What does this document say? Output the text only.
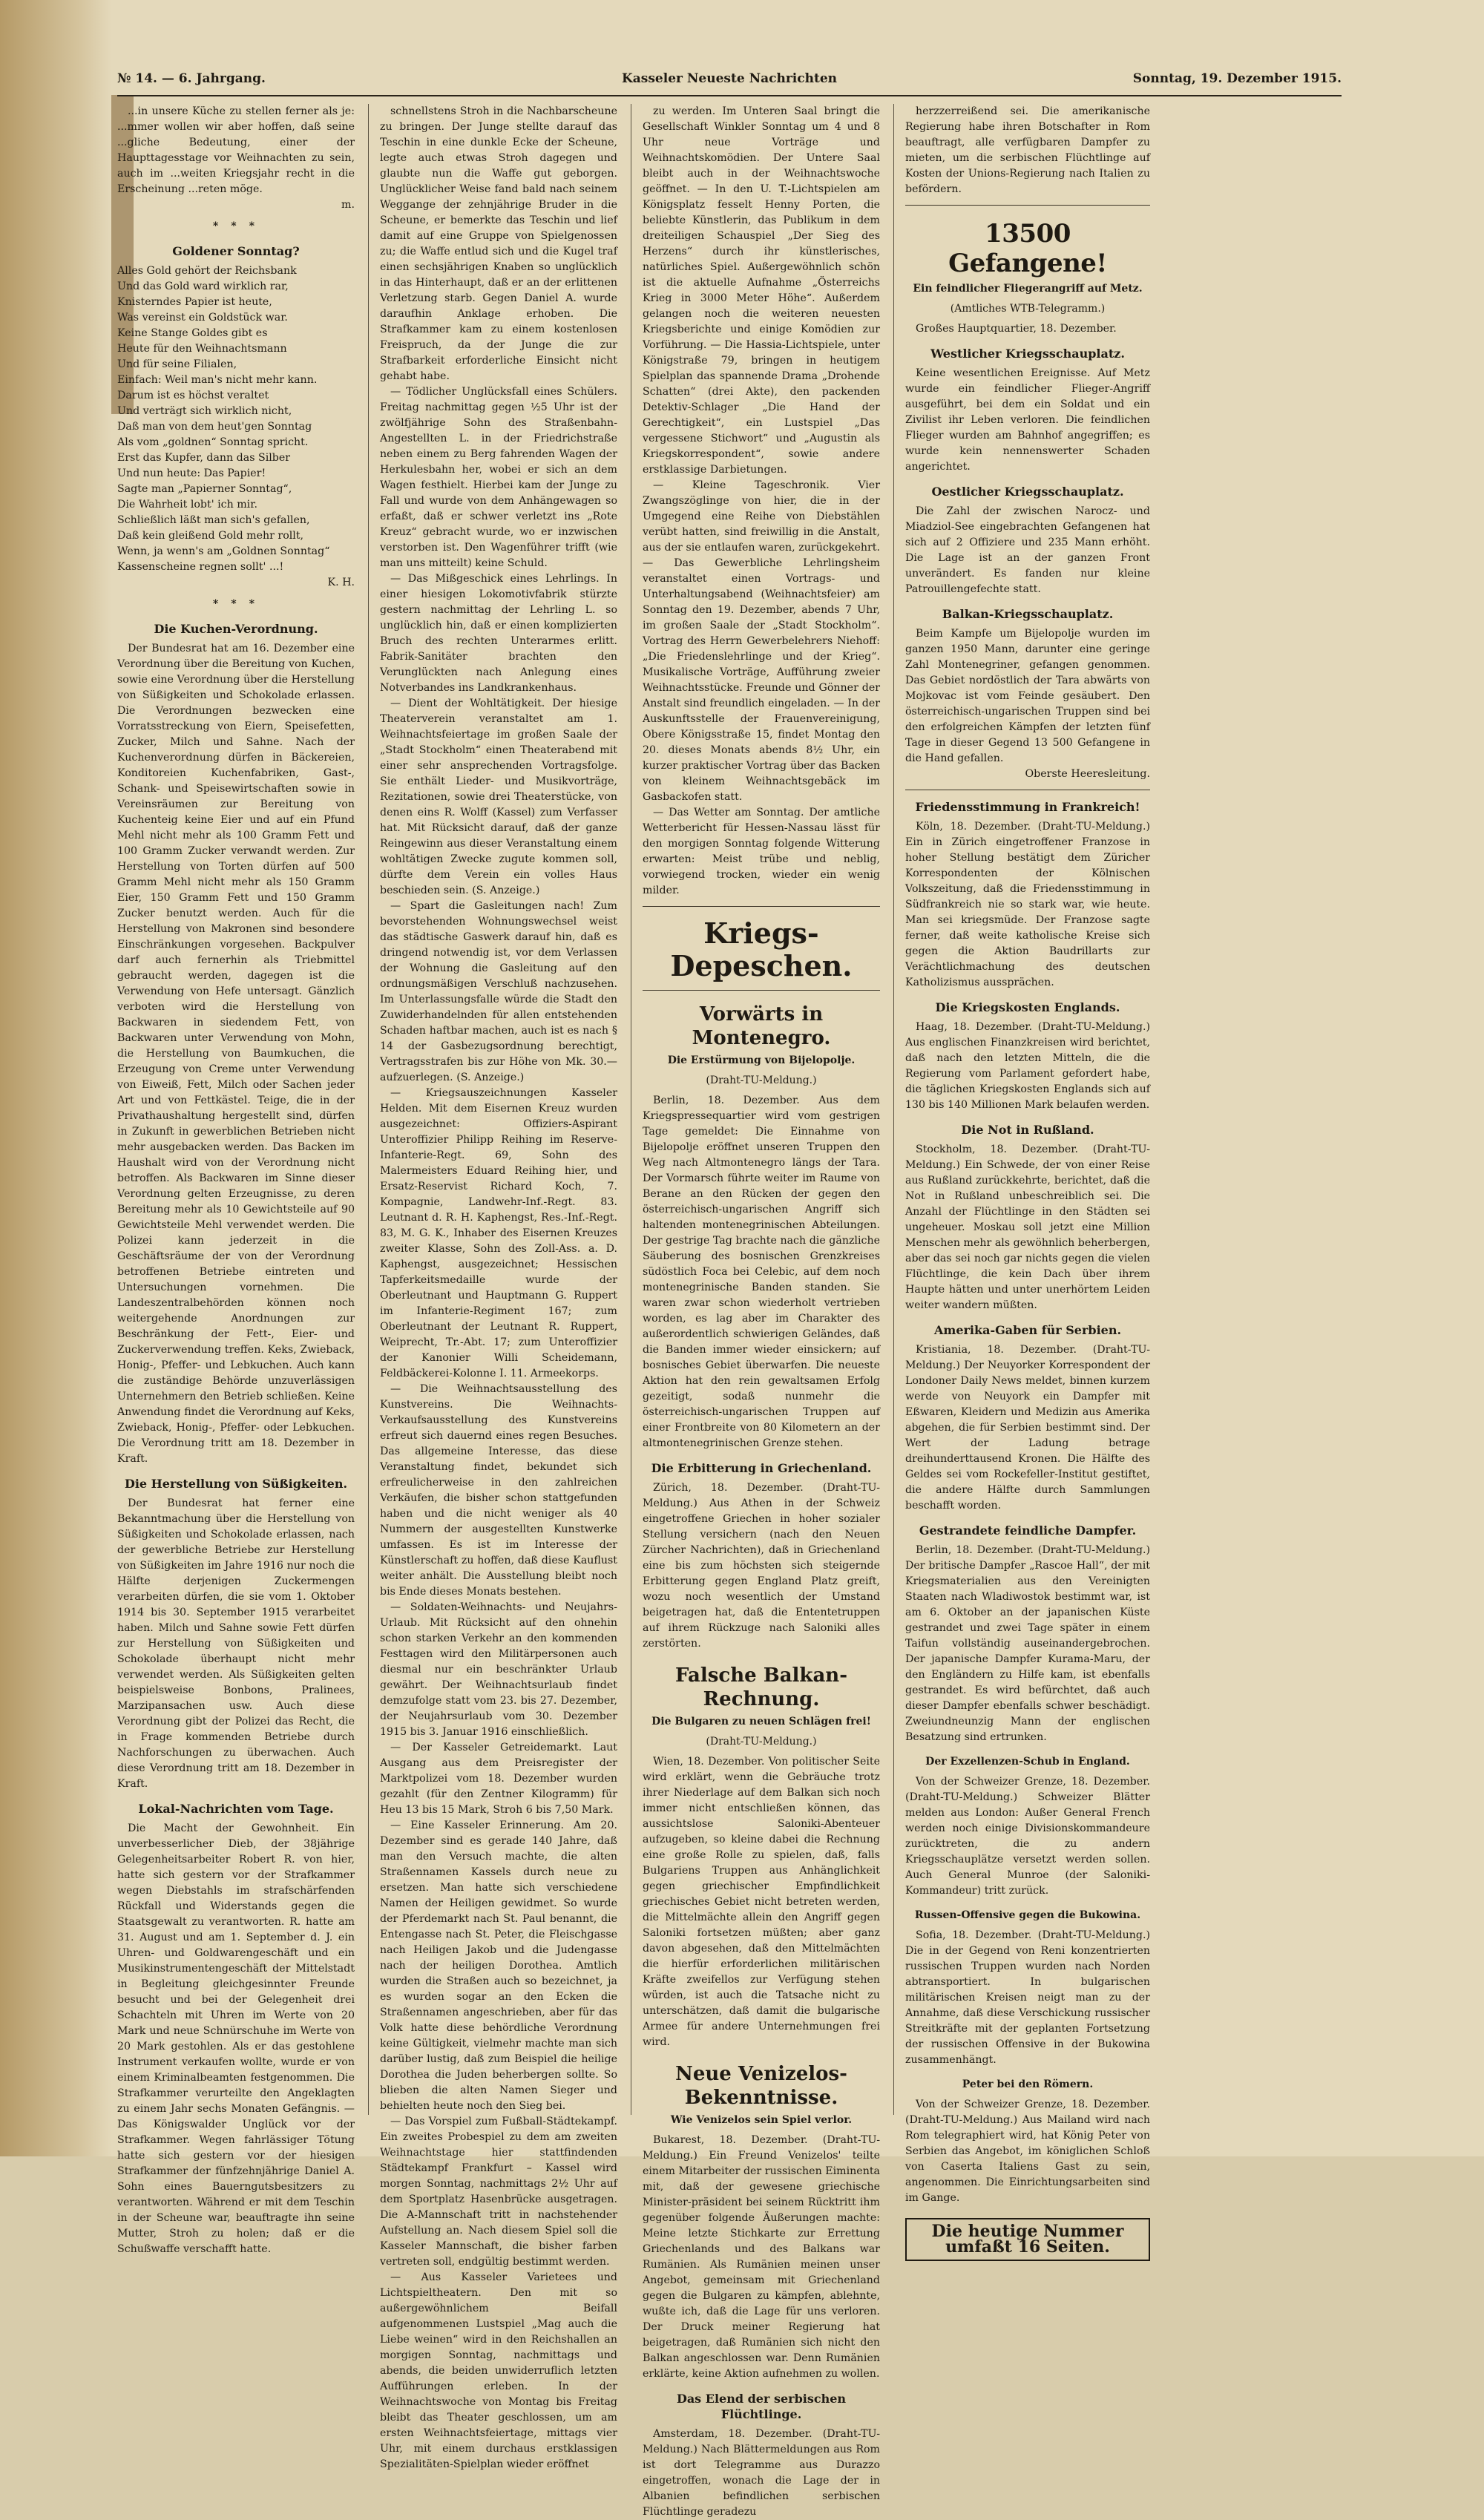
№ 14. — 6. Jahrgang.	Kasseler Neueste Nachrichten	Sonntag, 19. Dezember 1915.

...in unsere Küche zu stellen ferner als je: ...mmer wollen wir aber hoffen, daß seine ...gliche Bedeutung, einer der Haupttagesstage vor Weihnachten zu sein, auch im ...weiten Kriegsjahr recht in die Erscheinung ...reten möge.

m.

* * *
Goldener Sonntag?

Alles Gold gehört der Reichsbank
Und das Gold ward wirklich rar,
Knisterndes Papier ist heute,
Was vereinst ein Goldstück war.
Keine Stange Goldes gibt es
Heute für den Weihnachtsmann
Und für seine Filialen,
Einfach: Weil man's nicht mehr kann.
Darum ist es höchst veraltet
Und verträgt sich wirklich nicht,
Daß man von dem heut'gen Sonntag
Als vom „goldnen“ Sonntag spricht.
Erst das Kupfer, dann das Silber
Und nun heute: Das Papier!
Sagte man „Papierner Sonntag“,
Die Wahrheit lobt' ich mir.
Schließlich läßt man sich's gefallen,
Daß kein gleißend Gold mehr rollt,
Wenn, ja wenn's am „Goldnen Sonntag“
Kassenscheine regnen sollt' ...!

K. H.

* * *
Die Kuchen-Verordnung.

Der Bundesrat hat am 16. Dezember eine Verordnung über die Bereitung von Kuchen, sowie eine Verordnung über die Herstellung von Süßigkeiten und Schokolade erlassen. Die Verordnungen bezwecken eine Vorratsstreckung von Eiern, Speisefetten, Zucker, Milch und Sahne. Nach der Kuchenverordnung dürfen in Bäckereien, Konditoreien Kuchenfabriken, Gast-, Schank- und Speisewirtschaften sowie in Vereinsräumen zur Bereitung von Kuchenteig keine Eier und auf ein Pfund Mehl nicht mehr als 100 Gramm Fett und 100 Gramm Zucker verwandt werden. Zur Herstellung von Torten dürfen auf 500 Gramm Mehl nicht mehr als 150 Gramm Eier, 150 Gramm Fett und 150 Gramm Zucker benutzt werden. Auch für die Herstellung von Makronen sind besondere Einschränkungen vorgesehen. Backpulver darf auch fernerhin als Triebmittel gebraucht werden, dagegen ist die Verwendung von Hefe untersagt. Gänzlich verboten wird die Herstellung von Backwaren in siedendem Fett, von Backwaren unter Verwendung von Mohn, die Herstellung von Baumkuchen, die Erzeugung von Creme unter Verwendung von Eiweiß, Fett, Milch oder Sachen jeder Art und von Fettkästel. Teige, die in der Privathaushaltung hergestellt sind, dürfen in Zukunft in gewerblichen Betrieben nicht mehr ausgebacken werden. Das Backen im Haushalt wird von der Verordnung nicht betroffen. Als Backwaren im Sinne dieser Verordnung gelten Erzeugnisse, zu deren Bereitung mehr als 10 Gewichtsteile auf 90 Gewichtsteile Mehl verwendet werden. Die Polizei kann jederzeit in die Geschäftsräume der von der Verordnung betroffenen Betriebe eintreten und Untersuchungen vornehmen. Die Landeszentralbehörden können noch weitergehende Anordnungen zur Beschränkung der Fett-, Eier- und Zuckerverwendung treffen. Keks, Zwieback, Honig-, Pfeffer- und Lebkuchen. Auch kann die zuständige Behörde unzuverlässigen Unternehmern den Betrieb schließen. Keine Anwendung findet die Verordnung auf Keks, Zwieback, Honig-, Pfeffer- oder Lebkuchen. Die Verordnung tritt am 18. Dezember in Kraft.

Die Herstellung von Süßigkeiten.

Der Bundesrat hat ferner eine Bekanntmachung über die Herstellung von Süßigkeiten und Schokolade erlassen, nach der gewerbliche Betriebe zur Herstellung von Süßigkeiten im Jahre 1916 nur noch die Hälfte derjenigen Zuckermengen verarbeiten dürfen, die sie vom 1. Oktober 1914 bis 30. September 1915 verarbeitet haben. Milch und Sahne sowie Fett dürfen zur Herstellung von Süßigkeiten und Schokolade überhaupt nicht mehr verwendet werden. Als Süßigkeiten gelten beispielsweise Bonbons, Pralinees, Marzipansachen usw. Auch diese Verordnung gibt der Polizei das Recht, die in Frage kommenden Betriebe durch Nachforschungen zu überwachen. Auch diese Verordnung tritt am 18. Dezember in Kraft.

Lokal-Nachrichten vom Tage.

Die Macht der Gewohnheit. Ein unverbesserlicher Dieb, der 38jährige Gelegenheitsarbeiter Robert R. von hier, hatte sich gestern vor der Strafkammer wegen Diebstahls im strafschärfenden Rückfall und Widerstands gegen die Staatsgewalt zu verantworten. R. hatte am 31. August und am 1. September d. J. ein Uhren- und Goldwarengeschäft und ein Musikinstrumentengeschäft der Mittelstadt in Begleitung gleichgesinnter Freunde besucht und bei der Gelegenheit drei Schachteln mit Uhren im Werte von 20 Mark und neue Schnürschuhe im Werte von 20 Mark gestohlen. Als er das gestohlene Instrument verkaufen wollte, wurde er von einem Kriminalbeamten festgenommen. Die Strafkammer verurteilte den Angeklagten zu einem Jahr sechs Monaten Gefängnis. — Das Königswalder Unglück vor der Strafkammer. Wegen fahrlässiger Tötung hatte sich gestern vor der hiesigen Strafkammer der fünfzehnjährige Daniel A. Sohn eines Bauerngutsbesitzers zu verantworten. Während er mit dem Teschin in der Scheune war, beauftragte ihn seine Mutter, Stroh zu holen; daß er die Schußwaffe verschafft hatte.

schnellstens Stroh in die Nachbarscheune zu bringen. Der Junge stellte darauf das Teschin in eine dunkle Ecke der Scheune, legte auch etwas Stroh dagegen und glaubte nun die Waffe gut geborgen. Unglücklicher Weise fand bald nach seinem Weggange der zehnjährige Bruder in die Scheune, er bemerkte das Teschin und lief damit auf eine Gruppe von Spielgenossen zu; die Waffe entlud sich und die Kugel traf einen sechsjährigen Knaben so unglücklich in das Hinterhaupt, daß er an der erlittenen Verletzung starb. Gegen Daniel A. wurde daraufhin Anklage erhoben. Die Strafkammer kam zu einem kostenlosen Freispruch, da der Junge die zur Strafbarkeit erforderliche Einsicht nicht gehabt habe.

— Tödlicher Unglücksfall eines Schülers. Freitag nachmittag gegen ½5 Uhr ist der zwölfjährige Sohn des Straßenbahn-Angestellten L. in der Friedrichstraße neben einem zu Berg fahrenden Wagen der Herkulesbahn her, wobei er sich an dem Wagen festhielt. Hierbei kam der Junge zu Fall und wurde von dem Anhängewagen so erfaßt, daß er schwer verletzt ins „Rote Kreuz“ gebracht wurde, wo er inzwischen verstorben ist. Den Wagenführer trifft (wie man uns mitteilt) keine Schuld.

— Das Mißgeschick eines Lehrlings. In einer hiesigen Lokomotivfabrik stürzte gestern nachmittag der Lehrling L. so unglücklich hin, daß er einen komplizierten Bruch des rechten Unterarmes erlitt. Fabrik-Sanitäter brachten den Verunglückten nach Anlegung eines Notverbandes ins Landkrankenhaus.

— Dient der Wohltätigkeit. Der hiesige Theaterverein veranstaltet am 1. Weihnachtsfeiertage im großen Saale der „Stadt Stockholm“ einen Theaterabend mit einer sehr ansprechenden Vortragsfolge. Sie enthält Lieder- und Musikvorträge, Rezitationen, sowie drei Theaterstücke, von denen eins R. Wolff (Kassel) zum Verfasser hat. Mit Rücksicht darauf, daß der ganze Reingewinn aus dieser Veranstaltung einem wohltätigen Zwecke zugute kommen soll, dürfte dem Verein ein volles Haus beschieden sein. (S. Anzeige.)

— Spart die Gasleitungen nach! Zum bevorstehenden Wohnungswechsel weist das städtische Gaswerk darauf hin, daß es dringend notwendig ist, vor dem Verlassen der Wohnung die Gasleitung auf den ordnungsmäßigen Verschluß nachzusehen. Im Unterlassungsfalle würde die Stadt den Zuwiderhandelnden für allen entstehenden Schaden haftbar machen, auch ist es nach § 14 der Gasbezugsordnung berechtigt, Vertragsstrafen bis zur Höhe von Mk. 30.— aufzuerlegen. (S. Anzeige.)

— Kriegsauszeichnungen Kasseler Helden. Mit dem Eisernen Kreuz wurden ausgezeichnet: Offiziers-Aspirant Unteroffizier Philipp Reihing im Reserve-Infanterie-Regt. 69, Sohn des Malermeisters Eduard Reihing hier, und Ersatz-Reservist Richard Koch, 7. Kompagnie, Landwehr-Inf.-Regt. 83. Leutnant d. R. H. Kaphengst, Res.-Inf.-Regt. 83, M. G. K., Inhaber des Eisernen Kreuzes zweiter Klasse, Sohn des Zoll-Ass. a. D. Kaphengst, ausgezeichnet; Hessischen Tapferkeitsmedaille wurde der Oberleutnant und Hauptmann G. Ruppert im Infanterie-Regiment 167; zum Oberleutnant der Leutnant R. Ruppert, Weiprecht, Tr.-Abt. 17; zum Unteroffizier der Kanonier Willi Scheidemann, Feldbäckerei-Kolonne I. 11. Armeekorps.

— Die Weihnachtsausstellung des Kunstvereins. Die Weihnachts-Verkaufsausstellung des Kunstvereins erfreut sich dauernd eines regen Besuches. Das allgemeine Interesse, das diese Veranstaltung findet, bekundet sich erfreulicherweise in den zahlreichen Verkäufen, die bisher schon stattgefunden haben und die nicht weniger als 40 Nummern der ausgestellten Kunstwerke umfassen. Es ist im Interesse der Künstlerschaft zu hoffen, daß diese Kauflust weiter anhält. Die Ausstellung bleibt noch bis Ende dieses Monats bestehen.

— Soldaten-Weihnachts- und Neujahrs-Urlaub. Mit Rücksicht auf den ohnehin schon starken Verkehr an den kommenden Festtagen wird den Militärpersonen auch diesmal nur ein beschränkter Urlaub gewährt. Der Weihnachtsurlaub findet demzufolge statt vom 23. bis 27. Dezember, der Neujahrsurlaub vom 30. Dezember 1915 bis 3. Januar 1916 einschließlich.

— Der Kasseler Getreidemarkt. Laut Ausgang aus dem Preisregister der Marktpolizei vom 18. Dezember wurden gezahlt (für den Zentner Kilogramm) für Heu 13 bis 15 Mark, Stroh 6 bis 7,50 Mark.

— Eine Kasseler Erinnerung. Am 20. Dezember sind es gerade 140 Jahre, daß man den Versuch machte, die alten Straßennamen Kassels durch neue zu ersetzen. Man hatte sich verschiedene Namen der Heiligen gewidmet. So wurde der Pferdemarkt nach St. Paul benannt, die Entengasse nach St. Peter, die Fleischgasse nach Heiligen Jakob und die Judengasse nach der heiligen Dorothea. Amtlich wurden die Straßen auch so bezeichnet, ja es wurden sogar an den Ecken die Straßennamen angeschrieben, aber für das Volk hatte diese behördliche Verordnung keine Gültigkeit, vielmehr machte man sich darüber lustig, daß zum Beispiel die heilige Dorothea die Juden beherbergen sollte. So blieben die alten Namen Sieger und behielten heute noch den Sieg bei.

— Das Vorspiel zum Fußball-Städtekampf. Ein zweites Probespiel zu dem am zweiten Weihnachtstage hier stattfindenden Städtekampf Frankfurt – Kassel wird morgen Sonntag, nachmittags 2½ Uhr auf dem Sportplatz Hasenbrücke ausgetragen. Die A-Mannschaft tritt in nachstehender Aufstellung an. Nach diesem Spiel soll die Kasseler Mannschaft, die bisher farben vertreten soll, endgültig bestimmt werden.

— Aus Kasseler Varietees und Lichtspieltheatern. Den mit so außergewöhnlichem Beifall aufgenommenen Lustspiel „Mag auch die Liebe weinen“ wird in den Reichshallen an morgigen Sonntag, nachmittags und abends, die beiden unwiderruflich letzten Aufführungen erleben. In der Weihnachtswoche von Montag bis Freitag bleibt das Theater geschlossen, um am ersten Weihnachtsfeiertage, mittags vier Uhr, mit einem durchaus erstklassigen Spezialitäten-Spielplan wieder eröffnet

zu werden. Im Unteren Saal bringt die Gesellschaft Winkler Sonntag um 4 und 8 Uhr neue Vorträge und Weihnachtskomödien. Der Untere Saal bleibt auch in der Weihnachtswoche geöffnet. — In den U. T.-Lichtspielen am Königsplatz fesselt Henny Porten, die beliebte Künstlerin, das Publikum in dem dreiteiligen Schauspiel „Der Sieg des Herzens“ durch ihr künstlerisches, natürliches Spiel. Außergewöhnlich schön ist die aktuelle Aufnahme „Österreichs Krieg in 3000 Meter Höhe“. Außerdem gelangen noch die weiteren neuesten Kriegsberichte und einige Komödien zur Vorführung. — Die Hassia-Lichtspiele, unter Königstraße 79, bringen in heutigem Spielplan das spannende Drama „Drohende Schatten“ (drei Akte), den packenden Detektiv-Schlager „Die Hand der Gerechtigkeit“, ein Lustspiel „Das vergessene Stichwort“ und „Augustin als Kriegskorrespondent“, sowie andere erstklassige Darbietungen.

— Kleine Tageschronik. Vier Zwangszöglinge von hier, die in der Umgegend eine Reihe von Diebstählen verübt hatten, sind freiwillig in die Anstalt, aus der sie entlaufen waren, zurückgekehrt. — Das Gewerbliche Lehrlingsheim veranstaltet einen Vortrags- und Unterhaltungsabend (Weihnachtsfeier) am Sonntag den 19. Dezember, abends 7 Uhr, im großen Saale der „Stadt Stockholm“. Vortrag des Herrn Gewerbelehrers Niehoff: „Die Friedenslehrlinge und der Krieg“. Musikalische Vorträge, Aufführung zweier Weihnachtsstücke. Freunde und Gönner der Anstalt sind freundlich eingeladen. — In der Auskunftsstelle der Frauenvereinigung, Obere Königsstraße 15, findet Montag den 20. dieses Monats abends 8½ Uhr, ein kurzer praktischer Vortrag über das Backen von kleinem Weihnachtsgebäck im Gasbackofen statt.

— Das Wetter am Sonntag. Der amtliche Wetterbericht für Hessen-Nassau lässt für den morgigen Sonntag folgende Witterung erwarten: Meist trübe und neblig, vorwiegend trocken, wieder ein wenig milder.

Kriegs-Depeschen.
Vorwärts in Montenegro.
Die Erstürmung von Bijelopolje.
(Draht-TU-Meldung.)

Berlin, 18. Dezember. Aus dem Kriegspressequartier wird vom gestrigen Tage gemeldet: Die Einnahme von Bijelopolje eröffnet unseren Truppen den Weg nach Altmontenegro längs der Tara. Der Vormarsch führte weiter im Raume von Berane an den Rücken der gegen den österreichisch-ungarischen Angriff sich haltenden montenegrinischen Abteilungen. Der gestrige Tag brachte nach die gänzliche Säuberung des bosnischen Grenzkreises südöstlich Foca bei Celebic, auf dem noch montenegrinische Banden standen. Sie waren zwar schon wiederholt vertrieben worden, es lag aber im Charakter des außerordentlich schwierigen Geländes, daß die Banden immer wieder einsickern; auf bosnisches Gebiet überwarfen. Die neueste Aktion hat den rein gewaltsamen Erfolg gezeitigt, sodaß nunmehr die österreichisch-ungarischen Truppen auf einer Frontbreite von 80 Kilometern an der altmontenegrinischen Grenze stehen.

Die Erbitterung in Griechenland.

Zürich, 18. Dezember. (Draht-TU-Meldung.) Aus Athen in der Schweiz eingetroffene Griechen in hoher sozialer Stellung versichern (nach den Neuen Zürcher Nachrichten), daß in Griechenland eine bis zum höchsten sich steigernde Erbitterung gegen England Platz greift, wozu noch wesentlich der Umstand beigetragen hat, daß die Ententetruppen auf ihrem Rückzuge nach Saloniki alles zerstörten.

Falsche Balkan-Rechnung.
Die Bulgaren zu neuen Schlägen frei!
(Draht-TU-Meldung.)

Wien, 18. Dezember. Von politischer Seite wird erklärt, wenn die Gebräuche trotz ihrer Niederlage auf dem Balkan sich noch immer nicht entschließen können, das aussichtslose Saloniki-Abenteuer aufzugeben, so kleine dabei die Rechnung eine große Rolle zu spielen, daß, falls Bulgariens Truppen aus Anhänglichkeit gegen griechischer Empfindlichkeit griechisches Gebiet nicht betreten werden, die Mittelmächte allein den Angriff gegen Saloniki fortsetzen müßten; aber ganz davon abgesehen, daß den Mittelmächten die hierfür erforderlichen militärischen Kräfte zweifellos zur Verfügung stehen würden, ist auch die Tatsache nicht zu unterschätzen, daß damit die bulgarische Armee für andere Unternehmungen frei wird.

Neue Venizelos-Bekenntnisse.
Wie Venizelos sein Spiel verlor.

Bukarest, 18. Dezember. (Draht-TU-Meldung.) Ein Freund Venizelos' teilte einem Mitarbeiter der russischen Eiminenta mit, daß der gewesene griechische Minister-präsident bei seinem Rücktritt ihm gegenüber folgende Äußerungen machte: Meine letzte Stichkarte zur Errettung Griechenlands und des Balkans war Rumänien. Als Rumänien meinen unser Angebot, gemeinsam mit Griechenland gegen die Bulgaren zu kämpfen, ablehnte, wußte ich, daß die Lage für uns verloren. Der Druck meiner Regierung hat beigetragen, daß Rumänien sich nicht den Balkan angeschlossen war. Denn Rumänien erklärte, keine Aktion aufnehmen zu wollen.

Das Elend der serbischen Flüchtlinge.

Amsterdam, 18. Dezember. (Draht-TU-Meldung.) Nach Blättermeldungen aus Rom ist dort Telegramme aus Durazzo eingetroffen, wonach die Lage der in Albanien befindlichen serbischen Flüchtlinge geradezu

herzzerreißend sei. Die amerikanische Regierung habe ihren Botschafter in Rom beauftragt, alle verfügbaren Dampfer zu mieten, um die serbischen Flüchtlinge auf Kosten der Unions-Regierung nach Italien zu befördern.

13500 Gefangene!
Ein feindlicher Fliegerangriff auf Metz.
(Amtliches WTB-Telegramm.)

Großes Hauptquartier, 18. Dezember.

Westlicher Kriegsschauplatz.

Keine wesentlichen Ereignisse. Auf Metz wurde ein feindlicher Flieger-Angriff ausgeführt, bei dem ein Soldat und ein Zivilist ihr Leben verloren. Die feindlichen Flieger wurden am Bahnhof angegriffen; es wurde kein nennenswerter Schaden angerichtet.

Oestlicher Kriegsschauplatz.

Die Zahl der zwischen Narocz- und Miadziol-See eingebrachten Gefangenen hat sich auf 2 Offiziere und 235 Mann erhöht. Die Lage ist an der ganzen Front unverändert. Es fanden nur kleine Patrouillengefechte statt.

Balkan-Kriegsschauplatz.

Beim Kampfe um Bijelopolje wurden im ganzen 1950 Mann, darunter eine geringe Zahl Montenegriner, gefangen genommen. Das Gebiet nordöstlich der Tara abwärts von Mojkovac ist vom Feinde gesäubert. Den österreichisch-ungarischen Truppen sind bei den erfolgreichen Kämpfen der letzten fünf Tage in dieser Gegend 13 500 Gefangene in die Hand gefallen.

Oberste Heeresleitung.

Friedensstimmung in Frankreich!

Köln, 18. Dezember. (Draht-TU-Meldung.) Ein in Zürich eingetroffener Franzose in hoher Stellung bestätigt dem Züricher Korrespondenten der Kölnischen Volkszeitung, daß die Friedensstimmung in Südfrankreich nie so stark war, wie heute. Man sei kriegsmüde. Der Franzose sagte ferner, daß weite katholische Kreise sich gegen die Aktion Baudrillarts zur Verächtlichmachung des deutschen Katholizismus aussprächen.

Die Kriegskosten Englands.

Haag, 18. Dezember. (Draht-TU-Meldung.) Aus englischen Finanzkreisen wird berichtet, daß nach den letzten Mitteln, die die Regierung vom Parlament gefordert habe, die täglichen Kriegskosten Englands sich auf 130 bis 140 Millionen Mark belaufen werden.

Die Not in Rußland.

Stockholm, 18. Dezember. (Draht-TU-Meldung.) Ein Schwede, der von einer Reise aus Rußland zurückkehrte, berichtet, daß die Not in Rußland unbeschreiblich sei. Die Anzahl der Flüchtlinge in den Städten sei ungeheuer. Moskau soll jetzt eine Million Menschen mehr als gewöhnlich beherbergen, aber das sei noch gar nichts gegen die vielen Flüchtlinge, die kein Dach über ihrem Haupte hätten und unter unerhörtem Leiden weiter wandern müßten.

Amerika-Gaben für Serbien.

Kristiania, 18. Dezember. (Draht-TU-Meldung.) Der Neuyorker Korrespondent der Londoner Daily News meldet, binnen kurzem werde von Neuyork ein Dampfer mit Eßwaren, Kleidern und Medizin aus Amerika abgehen, die für Serbien bestimmt sind. Der Wert der Ladung betrage dreihunderttausend Kronen. Die Hälfte des Geldes sei vom Rockefeller-Institut gestiftet, die andere Hälfte durch Sammlungen beschafft worden.

Gestrandete feindliche Dampfer.

Berlin, 18. Dezember. (Draht-TU-Meldung.) Der britische Dampfer „Rascoe Hall“, der mit Kriegsmaterialien aus den Vereinigten Staaten nach Wladiwostok bestimmt war, ist am 6. Oktober an der japanischen Küste gestrandet und zwei Tage später in einem Taifun vollständig auseinandergebrochen. Der japanische Dampfer Kurama-Maru, der den Engländern zu Hilfe kam, ist ebenfalls gestrandet. Es wird befürchtet, daß auch dieser Dampfer ebenfalls schwer beschädigt. Zweiundneunzig Mann der englischen Besatzung sind ertrunken.

Der Exzellenzen-Schub in England.

Von der Schweizer Grenze, 18. Dezember. (Draht-TU-Meldung.) Schweizer Blätter melden aus London: Außer General French werden noch einige Divisionskommandeure zurücktreten, die zu andern Kriegsschauplätze versetzt werden sollen. Auch General Munroe (der Saloniki-Kommandeur) tritt zurück.

Russen-Offensive gegen die Bukowina.

Sofia, 18. Dezember. (Draht-TU-Meldung.) Die in der Gegend von Reni konzentrierten russischen Truppen wurden nach Norden abtransportiert. In bulgarischen militärischen Kreisen neigt man zu der Annahme, daß diese Verschickung russischer Streitkräfte mit der geplanten Fortsetzung der russischen Offensive in der Bukowina zusammenhängt.

Peter bei den Römern.

Von der Schweizer Grenze, 18. Dezember. (Draht-TU-Meldung.) Aus Mailand wird nach Rom telegraphiert wird, hat König Peter von Serbien das Angebot, im königlichen Schloß von Caserta Italiens Gast zu sein, angenommen. Die Einrichtungsarbeiten sind im Gange.

Die heutige Nummer umfaßt 16 Seiten.
